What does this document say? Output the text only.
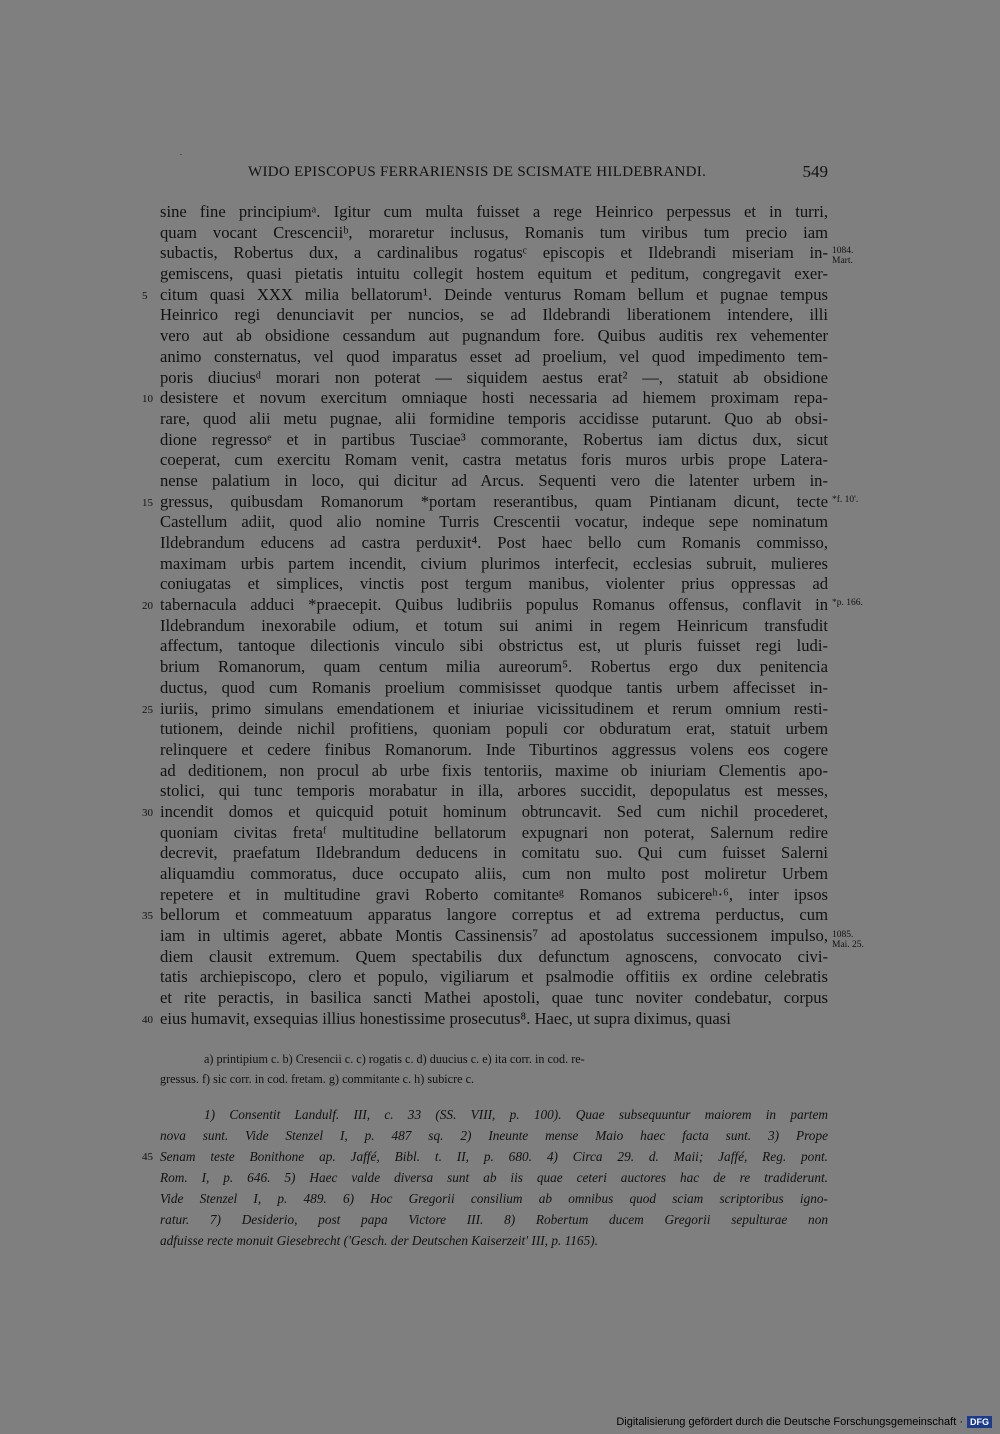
WIDO EPISCOPUS FERRARIENSIS DE SCISMATE HILDEBRANDI.	549
sine fine principiumᵃ. Igitur cum multa fuisset a rege Heinrico perpessus et in turri,
quam vocant Crescenciiᵇ, moraretur inclusus, Romanis tum viribus tum precio iam
subactis, Robertus dux, a cardinalibus rogatusᶜ episcopis et Ildebrandi miseriam in-
gemiscens, quasi pietatis intuitu collegit hostem equitum et peditum, congregavit exer-
citum quasi XXX milia bellatorum¹. Deinde venturus Romam bellum et pugnae tempus
5
Heinrico regi denunciavit per nuncios, se ad Ildebrandi liberationem intendere, illi
vero aut ab obsidione cessandum aut pugnandum fore. Quibus auditis rex vehementer
animo consternatus, vel quod imparatus esset ad proelium, vel quod impedimento tem-
poris diuciusᵈ morari non poterat — siquidem aestus erat² —, statuit ab obsidione
desistere et novum exercitum omniaque hosti necessaria ad hiemem proximam repa-
10
rare, quod alii metu pugnae, alii formidine temporis accidisse putarunt. Quo ab obsi-
dione regressoᵉ et in partibus Tusciae³ commorante, Robertus iam dictus dux, sicut
coeperat, cum exercitu Romam venit, castra metatus foris muros urbis prope Latera-
nense palatium in loco, qui dicitur ad Arcus. Sequenti vero die latenter urbem in-
gressus, quibusdam Romanorum *portam reserantibus, quam Pintianam dicunt, tecte
15
Castellum adiit, quod alio nomine Turris Crescentii vocatur, indeque sepe nominatum
Ildebrandum educens ad castra perduxit⁴. Post haec bello cum Romanis commisso,
maximam urbis partem incendit, civium plurimos interfecit, ecclesias subruit, mulieres
coniugatas et simplices, vinctis post tergum manibus, violenter prius oppressas ad
tabernacula adduci *praecepit. Quibus ludibriis populus Romanus offensus, conflavit in
20
Ildebrandum inexorabile odium, et totum sui animi in regem Heinricum transfudit
affectum, tantoque dilectionis vinculo sibi obstrictus est, ut pluris fuisset regi ludi-
brium Romanorum, quam centum milia aureorum⁵. Robertus ergo dux penitencia
ductus, quod cum Romanis proelium commisisset quodque tantis urbem affecisset in-
iuriis, primo simulans emendationem et iniuriae vicissitudinem et rerum omnium resti-
25
tutionem, deinde nichil profitiens, quoniam populi cor obduratum erat, statuit urbem
relinquere et cedere finibus Romanorum. Inde Tiburtinos aggressus volens eos cogere
ad deditionem, non procul ab urbe fixis tentoriis, maxime ob iniuriam Clementis apo-
stolici, qui tunc temporis morabatur in illa, arbores succidit, depopulatus est messes,
incendit domos et quicquid potuit hominum obtruncavit. Sed cum nichil procederet,
30
quoniam civitas fretaᶠ multitudine bellatorum expugnari non poterat, Salernum redire
decrevit, praefatum Ildebrandum deducens in comitatu suo. Qui cum fuisset Salerni
aliquamdiu commoratus, duce occupato aliis, cum non multo post moliretur Urbem
repetere et in multitudine gravi Roberto comitanteᵍ Romanos subicereʰ·⁶, inter ipsos
bellorum et commeatuum apparatus langore correptus et ad extrema perductus, cum
35
iam in ultimis ageret, abbate Montis Cassinensis⁷ ad apostolatus successionem impulso,
diem clausit extremum. Quem spectabilis dux defunctum agnoscens, convocato civi-
tatis archiepiscopo, clero et populo, vigiliarum et psalmodie offitiis ex ordine celebratis
et rite peractis, in basilica sancti Mathei apostoli, quae tunc noviter condebatur, corpus
eius humavit, exsequias illius honestissime prosecutus⁸. Haec, ut supra diximus, quasi
40
1084.
Mart.
*f. 10'.
*p. 166.
1085.
Mai. 25.
a) printipium c. b) Cresencii c. c) rogatis c. d) duucius c. e) ita corr. in cod. re-
gressus. f) sic corr. in cod. fretam. g) commitante c. h) subicre c.
1) Consentit Landulf. III, c. 33 (SS. VIII, p. 100). Quae subsequuntur maiorem in partem
nova sunt. Vide Stenzel I, p. 487 sq. 2) Ineunte mense Maio haec facta sunt. 3) Prope
Senam teste Bonithone ap. Jaffé, Bibl. t. II, p. 680. 4) Circa 29. d. Maii; Jaffé, Reg. pont.
45
Rom. I, p. 646. 5) Haec valde diversa sunt ab iis quae ceteri auctores hac de re tradiderunt.
Vide Stenzel I, p. 489. 6) Hoc Gregorii consilium ab omnibus quod sciam scriptoribus igno-
ratur. 7) Desiderio, post papa Victore III. 8) Robertum ducem Gregorii sepulturae non
adfuisse recte monuit Giesebrecht ('Gesch. der Deutschen Kaiserzeit' III, p. 1165).
Digitalisierung gefördert durch die Deutsche Forschungsgemeinschaft · DFG
